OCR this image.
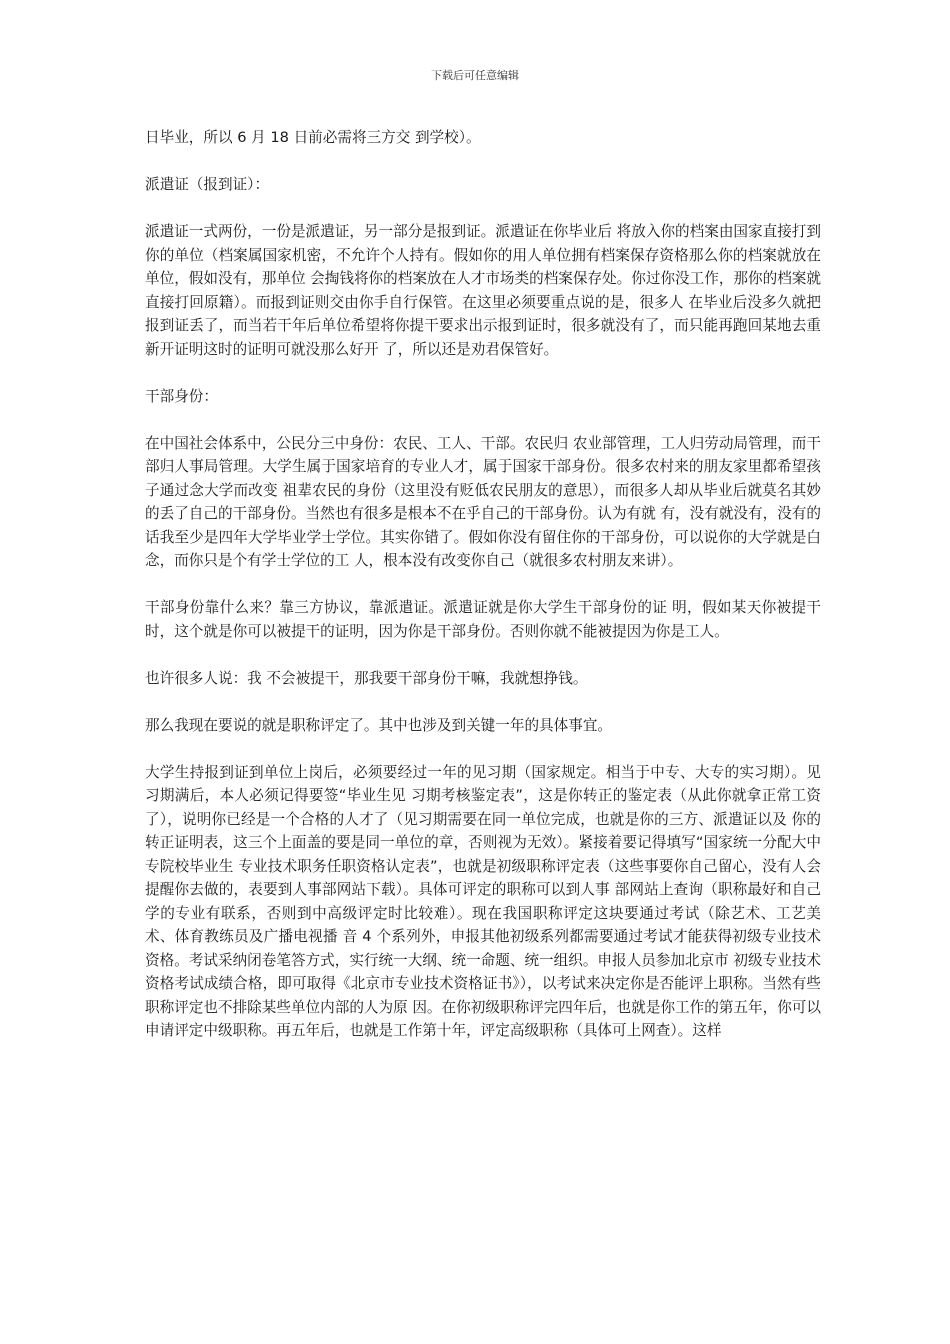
下载后可任意编辑

日毕业，所以 6 月 18 日前必需将三方交 到学校）。

派遣证（报到证）：

派遣证一式两份，一份是派遣证，另一部分是报到证。派遣证在你毕业后 将放入你的档案由国家直接打到你的单位（档案属国家机密，不允许个人持有。假如你的用人单位拥有档案保存资格那么你的档案就放在单位，假如没有，那单位 会掏钱将你的档案放在人才市场类的档案保存处。你过你没工作，那你的档案就直接打回原籍）。而报到证则交由你手自行保管。在这里必须要重点说的是，很多人 在毕业后没多久就把报到证丢了，而当若干年后单位希望将你提干要求出示报到证时，很多就没有了，而只能再跑回某地去重新开证明这时的证明可就没那么好开 了，所以还是劝君保管好。

干部身份：

在中国社会体系中，公民分三中身份：农民、工人、干部。农民归 农业部管理，工人归劳动局管理，而干部归人事局管理。大学生属于国家培育的专业人才，属于国家干部身份。很多农村来的朋友家里都希望孩子通过念大学而改变 祖辈农民的身份（这里没有贬低农民朋友的意思），而很多人却从毕业后就莫名其妙的丢了自己的干部身份。当然也有很多是根本不在乎自己的干部身份。认为有就 有，没有就没有，没有的话我至少是四年大学毕业学士学位。其实你错了。假如你没有留住你的干部身份，可以说你的大学就是白念，而你只是个有学士学位的工 人，根本没有改变你自己（就很多农村朋友来讲）。

干部身份靠什么来？靠三方协议，靠派遣证。派遣证就是你大学生干部身份的证 明，假如某天你被提干时，这个就是你可以被提干的证明，因为你是干部身份。否则你就不能被提因为你是工人。

也许很多人说：我 不会被提干，那我要干部身份干嘛，我就想挣钱。

那么我现在要说的就是职称评定了。其中也涉及到关键一年的具体事宜。

大学生持报到证到单位上岗后，必须要经过一年的见习期（国家规定。相当于中专、大专的实习期）。见习期满后，本人必须记得要签“毕业生见 习期考核鉴定表”，这是你转正的鉴定表（从此你就拿正常工资了），说明你已经是一个合格的人才了（见习期需要在同一单位完成，也就是你的三方、派遣证以及 你的转正证明表，这三个上面盖的要是同一单位的章，否则视为无效）。紧接着要记得填写“国家统一分配大中专院校毕业生 专业技术职务任职资格认定表”，也就是初级职称评定表（这些事要你自己留心，没有人会提醒你去做的，表要到人事部网站下载）。具体可评定的职称可以到人事 部网站上查询（职称最好和自己学的专业有联系，否则到中高级评定时比较难）。现在我国职称评定这块要通过考试（除艺术、工艺美术、体育教练员及广播电视播 音 4 个系列外，申报其他初级系列都需要通过考试才能获得初级专业技术资格。考试采纳闭卷笔答方式，实行统一大纲、统一命题、统一组织。申报人员参加北京市 初级专业技术资格考试成绩合格，即可取得《北京市专业技术资格证书》），以考试来决定你是否能评上职称。当然有些职称评定也不排除某些单位内部的人为原 因。在你初级职称评完四年后，也就是你工作的第五年，你可以申请评定中级职称。再五年后，也就是工作第十年，评定高级职称（具体可上网查）。这样
